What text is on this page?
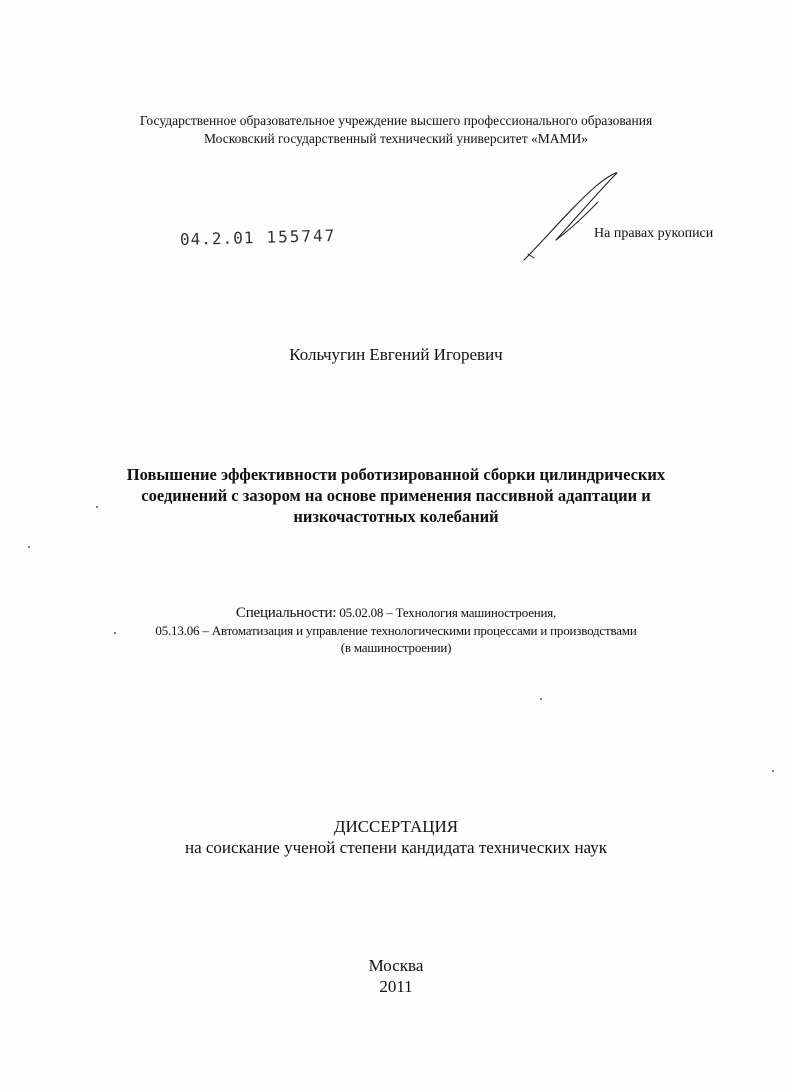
Государственное образовательное учреждение высшего профессионального образования
Московский государственный технический университет «МАМИ»
04.2.01 155747	На правах рукописи
Кольчугин Евгений Игоревич
Повышение эффективности роботизированной сборки цилиндрических
соединений с зазором на основе применения пассивной адаптации и
низкочастотных колебаний
Специальности: 05.02.08 – Технология машиностроения,
05.13.06 – Автоматизация и управление технологическими процессами и производствами
(в машиностроении)
ДИССЕРТАЦИЯ
на соискание ученой степени кандидата технических наук
Москва
2011
